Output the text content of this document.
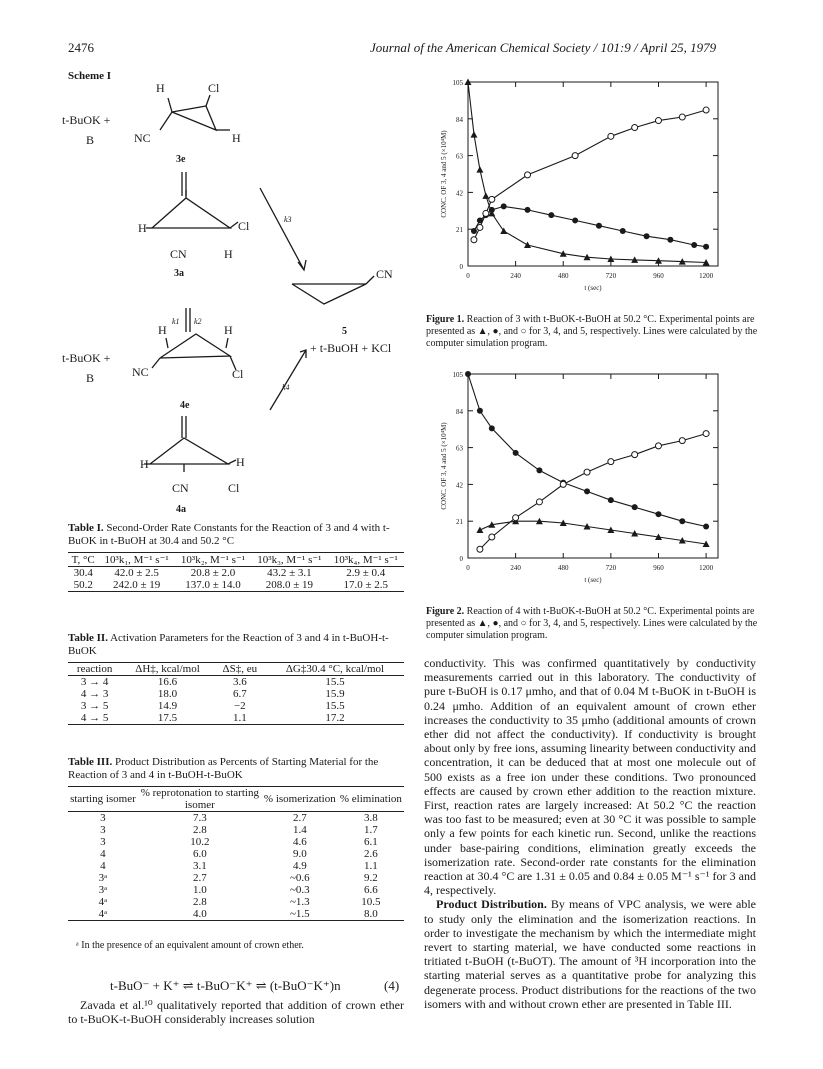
2476	Journal of the American Chemical Society / 101:9 / April 25, 1979
Scheme I
H	Cl
t-BuOK +
B	NC	H
3e
H	Cl
CN	H
3a
k1 k2
H	H
t-BuOK +
B	NC	Cl
4e
H	H
CN	Cl
4a
k3
k4
CN
5
+ t-BuOH + KCl
Table I. Second-Order Rate Constants for the Reaction of 3 and 4 with t-BuOK in t-BuOH at 30.4 and 50.2 °C
T, °C	10³k₁, M⁻¹ s⁻¹	10³k₂, M⁻¹ s⁻¹	10³k₃, M⁻¹ s⁻¹	10³k₄, M⁻¹ s⁻¹
30.4	42.0 ± 2.5	20.8 ± 2.0	43.2 ± 3.1	2.9 ± 0.4
50.2	242.0 ± 19	137.0 ± 14.0	208.0 ± 19	17.0 ± 2.5
Table II. Activation Parameters for the Reaction of 3 and 4 in t-BuOH-t-BuOK
reaction	ΔH‡, kcal/mol	ΔS‡, eu	ΔG‡30.4 °C, kcal/mol
3 → 4	16.6	3.6	15.5
4 → 3	18.0	6.7	15.9
3 → 5	14.9	−2	15.5
4 → 5	17.5	1.1	17.2
Table III. Product Distribution as Percents of Starting Material for the Reaction of 3 and 4 in t-BuOH-t-BuOK
starting isomer	% reprotonation to starting isomer	% isomerization	% elimination
3	7.3	2.7	3.8
3	2.8	1.4	1.7
3	10.2	4.6	6.1
4	6.0	9.0	2.6
4	3.1	4.9	1.1
3ᵃ	2.7	~0.6	9.2
3ᵃ	1.0	~0.3	6.6
4ᵃ	2.8	~1.3	10.5
4ᵃ	4.0	~1.5	8.0
ᵃ In the presence of an equivalent amount of crown ether.
t-BuO⁻ + K⁺ ⇌ t-BuO⁻K⁺ ⇌ (t-BuO⁻K⁺)n	(4)

Zavada et al.¹⁰ qualitatively reported that addition of crown ether to t-BuOK-t-BuOH considerably increases solution

0	240	480	720	960	1200
0
21
42
63
84
105
t (sec)
CONC. OF 3, 4 and 5 (×10⁴M)
Figure 1. Reaction of 3 with t-BuOK-t-BuOH at 50.2 °C. Experimental points are presented as ▲, ●, and ○ for 3, 4, and 5, respectively. Lines were calculated by the computer simulation program.
0	240	480	720	960	1200
0
21
42
63
84
105
t (sec)
CONC. OF 3, 4 and 5 (×10⁴M)
Figure 2. Reaction of 4 with t-BuOK-t-BuOH at 50.2 °C. Experimental points are presented as ▲, ●, and ○ for 3, 4, and 5, respectively. Lines were calculated by the computer simulation program.

conductivity. This was confirmed quantitatively by conductivity measurements carried out in this laboratory. The conductivity of pure t-BuOH is 0.17 μmho, and that of 0.04 M t-BuOK in t-BuOH is 0.24 μmho. Addition of an equivalent amount of crown ether increases the conductivity to 35 μmho (additional amounts of crown ether did not affect the conductivity). If conductivity is brought about only by free ions, assuming linearity between conductivity and concentration, it can be deduced that at most one molecule out of 500 exists as a free ion under these conditions. Two pronounced effects are caused by crown ether addition to the reaction mixture. First, reaction rates are largely increased: At 50.2 °C the reaction was too fast to be measured; even at 30 °C it was possible to sample only a few points for each kinetic run. Second, unlike the reactions under base-pairing conditions, elimination greatly exceeds the isomerization rate. Second-order rate constants for the elimination reaction at 30.4 °C are 1.31 ± 0.05 and 0.84 ± 0.05 M⁻¹ s⁻¹ for 3 and 4, respectively.

Product Distribution. By means of VPC analysis, we were able to study only the elimination and the isomerization reactions. In order to investigate the mechanism by which the intermediate might revert to starting material, we have conducted some reactions in tritiated t-BuOH (t-BuOT). The amount of ³H incorporation into the starting material serves as a quantitative probe for analyzing this degenerate process. Product distributions for the reactions of the two isomers with and without crown ether are presented in Table III.
